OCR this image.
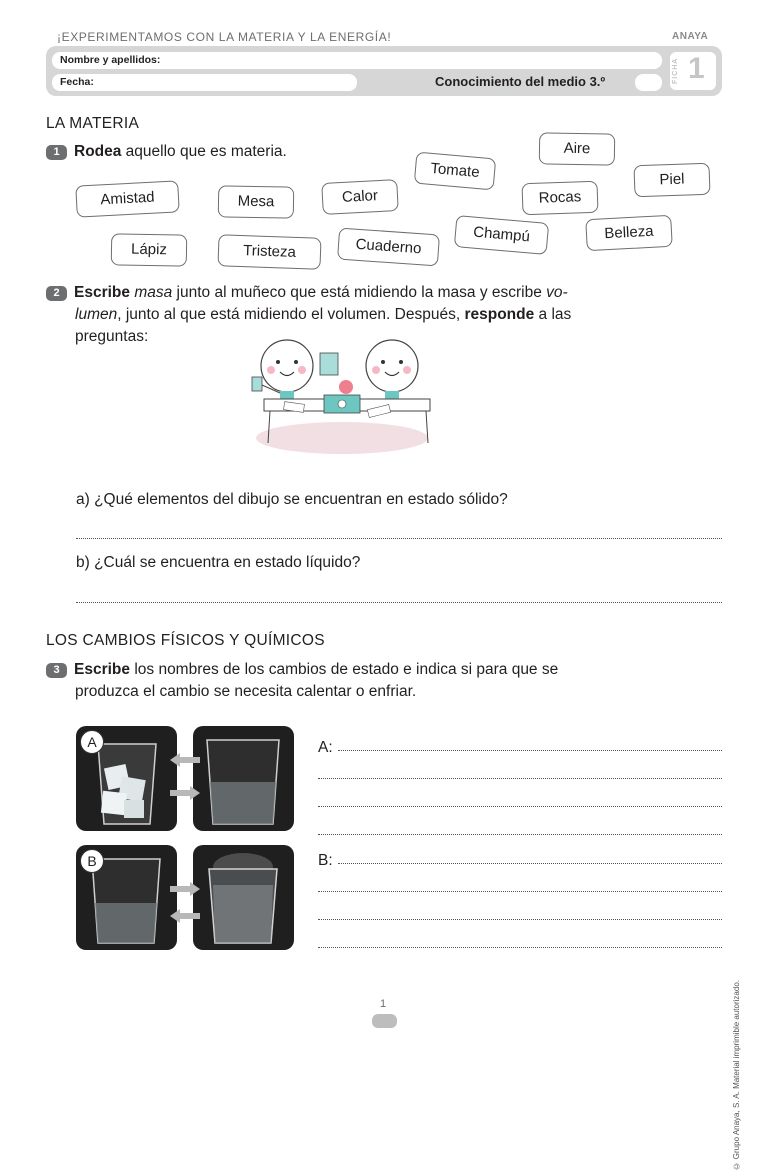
¡EXPERIMENTAMOS CON LA MATERIA Y LA ENERGÍA!	ANAYA
Nombre y apellidos:
Fecha:	Conocimiento del medio 3.º	FICHA 1
LA MATERIA
1 Rodea aquello que es materia.	Aire
Tomate	Piel
Amistad	Mesa	Calor	Rocas
Champú	Belleza
Lápiz	Tristeza	Cuaderno
2 Escribe masa junto al muñeco que está midiendo la masa y escribe vo-
lumen, junto al que está midiendo el volumen. Después, responde a las
preguntas:
a) ¿Qué elementos del dibujo se encuentran en estado sólido?
b) ¿Cuál se encuentra en estado líquido?
LOS CAMBIOS FÍSICOS Y QUÍMICOS
3 Escribe los nombres de los cambios de estado e indica si para que se
produzca el cambio se necesita calentar o enfriar.
A	A:
B	B:
© Grupo Anaya, S. A. Material imprimible autorizado.
1
